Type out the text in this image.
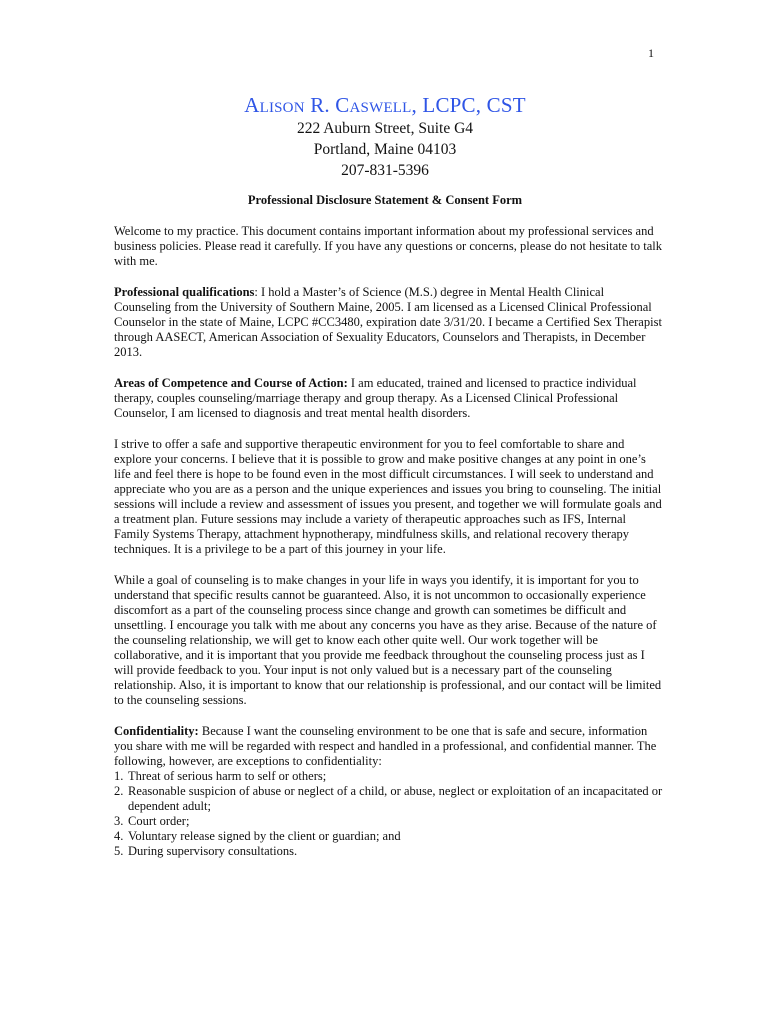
1
Alison R. Caswell, LCPC, CST
222 Auburn Street, Suite G4
Portland, Maine 04103
207-831-5396
Professional Disclosure Statement & Consent Form

Welcome to my practice. This document contains important information about my professional services and business policies. Please read it carefully. If you have any questions or concerns, please do not hesitate to talk with me.

Professional qualifications: I hold a Master’s of Science (M.S.) degree in Mental Health Clinical Counseling from the University of Southern Maine, 2005. I am licensed as a Licensed Clinical Professional Counselor in the state of Maine, LCPC #CC3480, expiration date 3/31/20. I became a Certified Sex Therapist through AASECT, American Association of Sexuality Educators, Counselors and Therapists, in December 2013.

Areas of Competence and Course of Action: I am educated, trained and licensed to practice individual therapy, couples counseling/marriage therapy and group therapy. As a Licensed Clinical Professional Counselor, I am licensed to diagnosis and treat mental health disorders.

I strive to offer a safe and supportive therapeutic environment for you to feel comfortable to share and explore your concerns. I believe that it is possible to grow and make positive changes at any point in one’s life and feel there is hope to be found even in the most difficult circumstances. I will seek to understand and appreciate who you are as a person and the unique experiences and issues you bring to counseling. The initial sessions will include a review and assessment of issues you present, and together we will formulate goals and a treatment plan. Future sessions may include a variety of therapeutic approaches such as IFS, Internal Family Systems Therapy, attachment hypnotherapy, mindfulness skills, and relational recovery therapy techniques. It is a privilege to be a part of this journey in your life.

While a goal of counseling is to make changes in your life in ways you identify, it is important for you to understand that specific results cannot be guaranteed. Also, it is not uncommon to occasionally experience discomfort as a part of the counseling process since change and growth can sometimes be difficult and unsettling. I encourage you talk with me about any concerns you have as they arise. Because of the nature of the counseling relationship, we will get to know each other quite well. Our work together will be collaborative, and it is important that you provide me feedback throughout the counseling process just as I will provide feedback to you. Your input is not only valued but is a necessary part of the counseling relationship. Also, it is important to know that our relationship is professional, and our contact will be limited to the counseling sessions.

Confidentiality: Because I want the counseling environment to be one that is safe and secure, information you share with me will be regarded with respect and handled in a professional, and confidential manner. The following, however, are exceptions to confidentiality:
1. Threat of serious harm to self or others;
2. Reasonable suspicion of abuse or neglect of a child, or abuse, neglect or exploitation of an incapacitated or dependent adult;
3. Court order;
4. Voluntary release signed by the client or guardian; and
5. During supervisory consultations.
